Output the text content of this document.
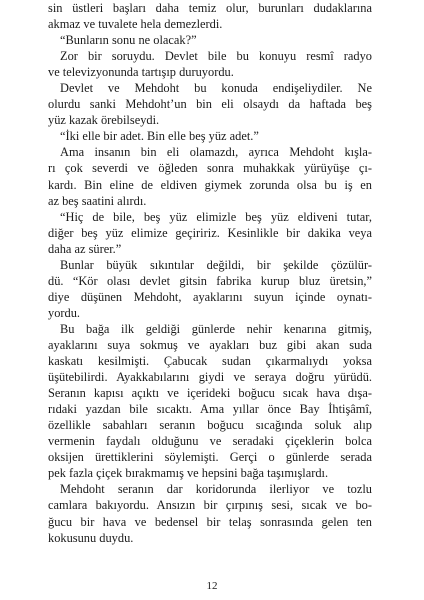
sin üstleri başları daha temiz olur, burunları dudaklarına
akmaz ve tuvalete hela demezlerdi.
“Bunların sonu ne olacak?”
Zor bir soruydu. Devlet bile bu konuyu resmî radyo
ve televizyonunda tartışıp duruyordu.
Devlet ve Mehdoht bu konuda endişeliydiler. Ne
olurdu sanki Mehdoht’un bin eli olsaydı da haftada beş
yüz kazak örebilseydi.
“İki elle bir adet. Bin elle beş yüz adet.”
Ama insanın bin eli olamazdı, ayrıca Mehdoht kışla-
rı çok severdi ve öğleden sonra muhakkak yürüyüşe çı-
kardı. Bin eline de eldiven giymek zorunda olsa bu iş en
az beş saatini alırdı.
“Hiç de bile, beş yüz elimizle beş yüz eldiveni tutar,
diğer beş yüz elimize geçiririz. Kesinlikle bir dakika veya
daha az sürer.”
Bunlar büyük sıkıntılar değildi, bir şekilde çözülür-
dü. “Kör olası devlet gitsin fabrika kurup bluz üretsin,”
diye düşünen Mehdoht, ayaklarını suyun içinde oynatı-
yordu.
Bu bağa ilk geldiği günlerde nehir kenarına gitmiş,
ayaklarını suya sokmuş ve ayakları buz gibi akan suda
kaskatı kesilmişti. Çabucak sudan çıkarmalıydı yoksa
üşütebilirdi. Ayakkabılarını giydi ve seraya doğru yürüdü.
Seranın kapısı açıktı ve içerideki boğucu sıcak hava dışa-
rıdaki yazdan bile sıcaktı. Ama yıllar önce Bay İhtişâmî,
özellikle sabahları seranın boğucu sıcağında soluk alıp
vermenin faydalı olduğunu ve seradaki çiçeklerin bolca
oksijen ürettiklerini söylemişti. Gerçi o günlerde serada
pek fazla çiçek bırakmamış ve hepsini bağa taşımışlardı.
Mehdoht seranın dar koridorunda ilerliyor ve tozlu
camlara bakıyordu. Ansızın bir çırpınış sesi, sıcak ve bo-
ğucu bir hava ve bedensel bir telaş sonrasında gelen ten
kokusunu duydu.
12
